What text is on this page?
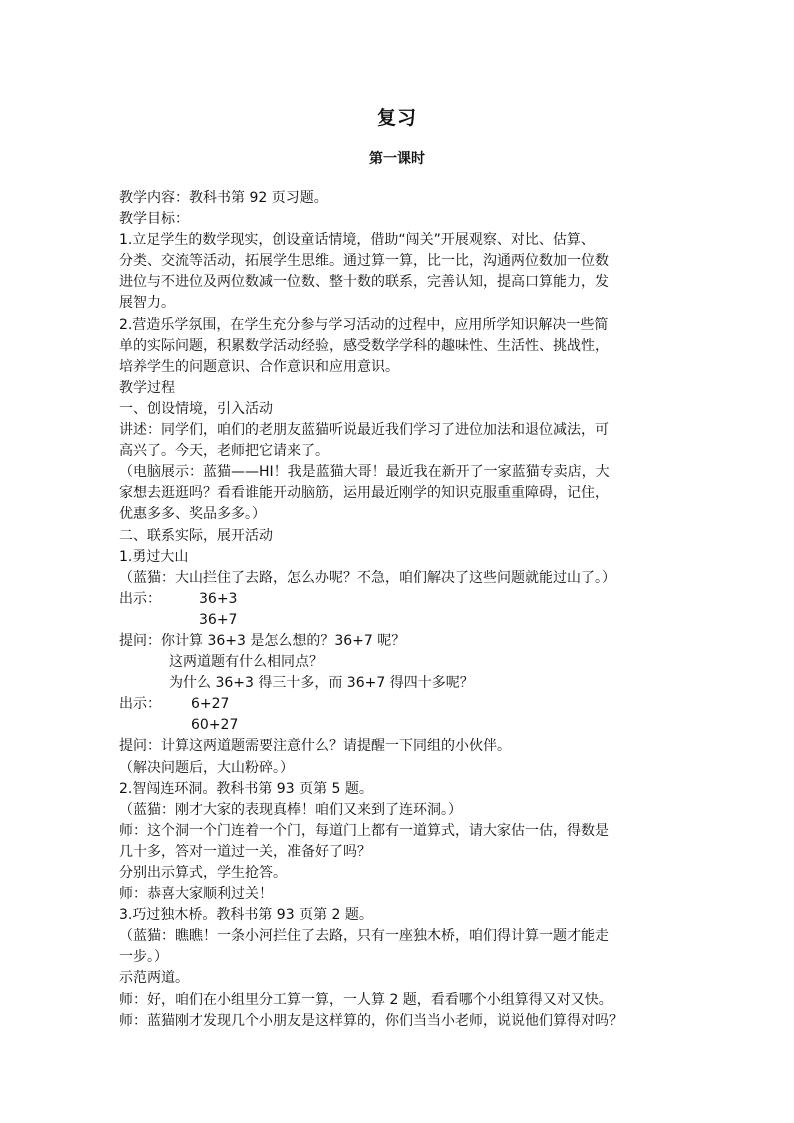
复习
第一课时
教学内容：教科书第 92 页习题。
教学目标：
1.立足学生的数学现实，创设童话情境，借助“闯关”开展观察、对比、估算、
分类、交流等活动，拓展学生思维。通过算一算，比一比，沟通两位数加一位数
进位与不进位及两位数减一位数、整十数的联系，完善认知，提高口算能力，发
展智力。
2.营造乐学氛围，在学生充分参与学习活动的过程中，应用所学知识解决一些简
单的实际问题，积累数学活动经验，感受数学学科的趣味性、生活性、挑战性，
培养学生的问题意识、合作意识和应用意识。
教学过程
一、创设情境，引入活动
讲述：同学们，咱们的老朋友蓝猫听说最近我们学习了进位加法和退位减法，可
高兴了。今天，老师把它请来了。
（电脑展示：蓝猫——HI！我是蓝猫大哥！最近我在新开了一家蓝猫专卖店，大
家想去逛逛吗？看看谁能开动脑筋，运用最近刚学的知识克服重重障碍，记住，
优惠多多、奖品多多。）
二、联系实际，展开活动
1.勇过大山
（蓝猫：大山拦住了去路，怎么办呢？不急，咱们解决了这些问题就能过山了。）
出示：	36+3
36+7
提问：你计算 36+3 是怎么想的？36+7 呢？
这两道题有什么相同点？
为什么 36+3 得三十多，而 36+7 得四十多呢？
出示： 6+27
60+27
提问：计算这两道题需要注意什么？请提醒一下同组的小伙伴。
（解决问题后，大山粉碎。）
2.智闯连环洞。教科书第 93 页第 5 题。
（蓝猫：刚才大家的表现真棒！咱们又来到了连环洞。）
师：这个洞一个门连着一个门，每道门上都有一道算式，请大家估一估，得数是
几十多，答对一道过一关，准备好了吗？
分别出示算式，学生抢答。
师：恭喜大家顺利过关！
3.巧过独木桥。教科书第 93 页第 2 题。
（蓝猫：瞧瞧！一条小河拦住了去路，只有一座独木桥，咱们得计算一题才能走
一步。）
示范两道。
师：好，咱们在小组里分工算一算，一人算 2 题，看看哪个小组算得又对又快。
师：蓝猫刚才发现几个小朋友是这样算的，你们当当小老师，说说他们算得对吗？
